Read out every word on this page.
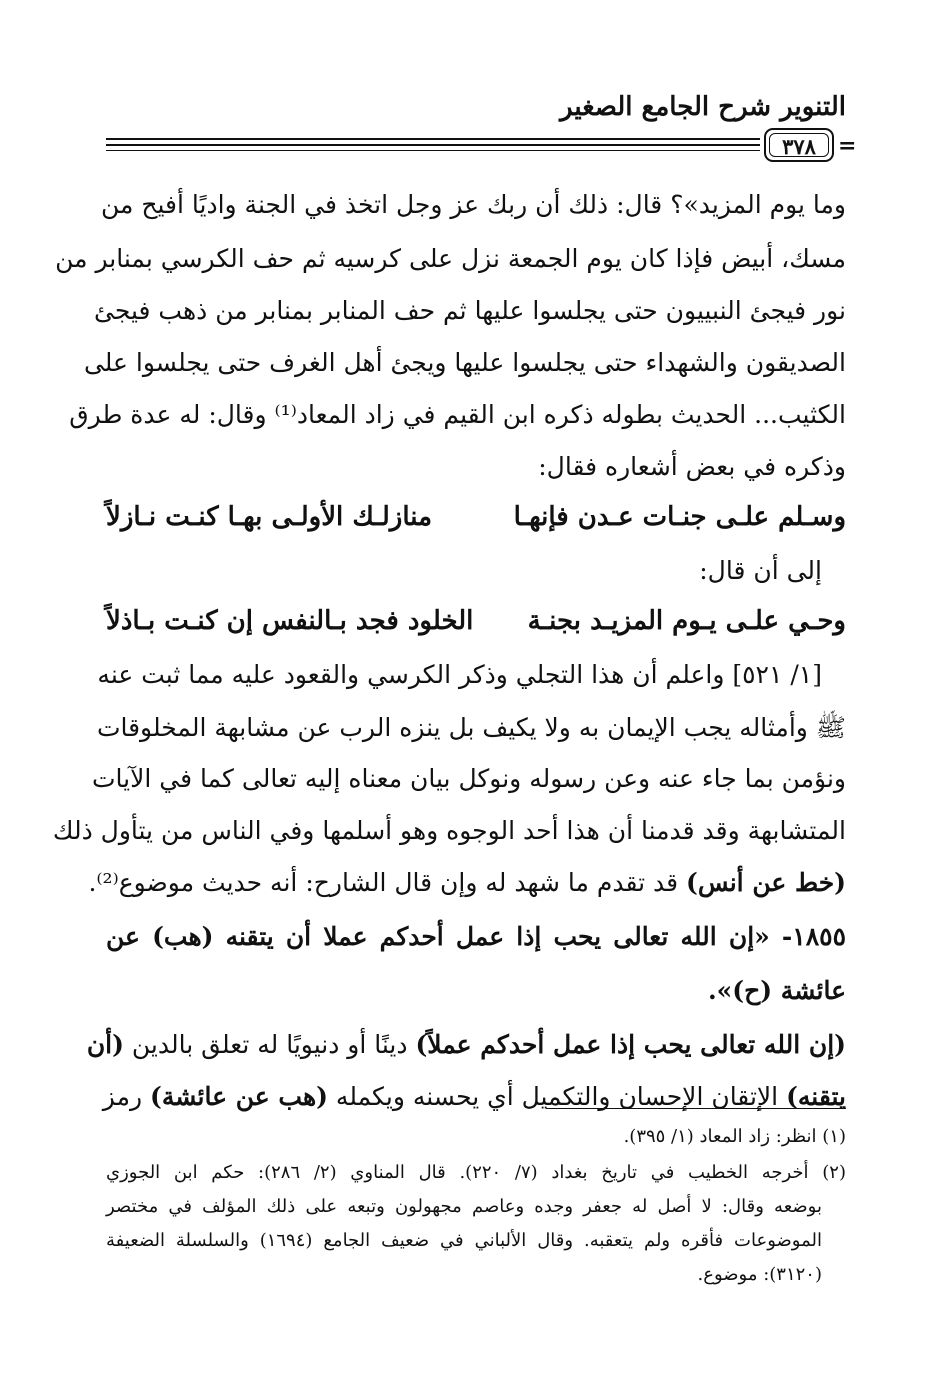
التنوير شرح الجامع الصغير
٣٧٨	=
وما يوم المزيد»؟ قال: ذلك أن ربك عز وجل اتخذ في الجنة واديًا أفيح من
مسك، أبيض فإذا كان يوم الجمعة نزل على كرسيه ثم حف الكرسي بمنابر من
نور فيجئ النبييون حتى يجلسوا عليها ثم حف المنابر بمنابر من ذهب فيجئ
الصديقون والشهداء حتى يجلسوا عليها ويجئ أهل الغرف حتى يجلسوا على
الكثيب... الحديث بطوله ذكره ابن القيم في زاد المعاد⁽¹⁾ وقال: له عدة طرق
وذكره في بعض أشعاره فقال:
وسـلم علـى جنـات عـدن فإنهـا
منازلـك الأولـى بهـا كنـت نـازلاً
إلى أن قال:
وحـي علـى يـوم المزيـد بجنـة
الخلود فجد بـالنفس إن كنـت بـاذلاً
[١/ ٥٢١] واعلم أن هذا التجلي وذكر الكرسي والقعود عليه مما ثبت عنه
ﷺ وأمثاله يجب الإيمان به ولا يكيف بل ينزه الرب عن مشابهة المخلوقات
ونؤمن بما جاء عنه وعن رسوله ونوكل بيان معناه إليه تعالى كما في الآيات
المتشابهة وقد قدمنا أن هذا أحد الوجوه وهو أسلمها وفي الناس من يتأول ذلك
(خط عن أنس) قد تقدم ما شهد له وإن قال الشارح: أنه حديث موضوع⁽²⁾.
١٨٥٥- «إن الله تعالى يحب إذا عمل أحدكم عملا أن يتقنه (هب) عن
عائشة (ح)».
(إن الله تعالى يحب إذا عمل أحدكم عملاً) دينًا أو دنيويًا له تعلق بالدين (أن
يتقنه) الإتقان الإحسان والتكميل أي يحسنه ويكمله (هب عن عائشة) رمز
(١) انظر: زاد المعاد (١/ ٣٩٥).
(٢) أخرجه الخطيب في تاريخ بغداد (٧/ ٢٢٠). قال المناوي (٢/ ٢٨٦): حكم ابن الجوزي
بوضعه وقال: لا أصل له جعفر وجده وعاصم مجهولون وتبعه على ذلك المؤلف في مختصر
الموضوعات فأقره ولم يتعقبه. وقال الألباني في ضعيف الجامع (١٦٩٤) والسلسلة الضعيفة
(٣١٢٠): موضوع.
